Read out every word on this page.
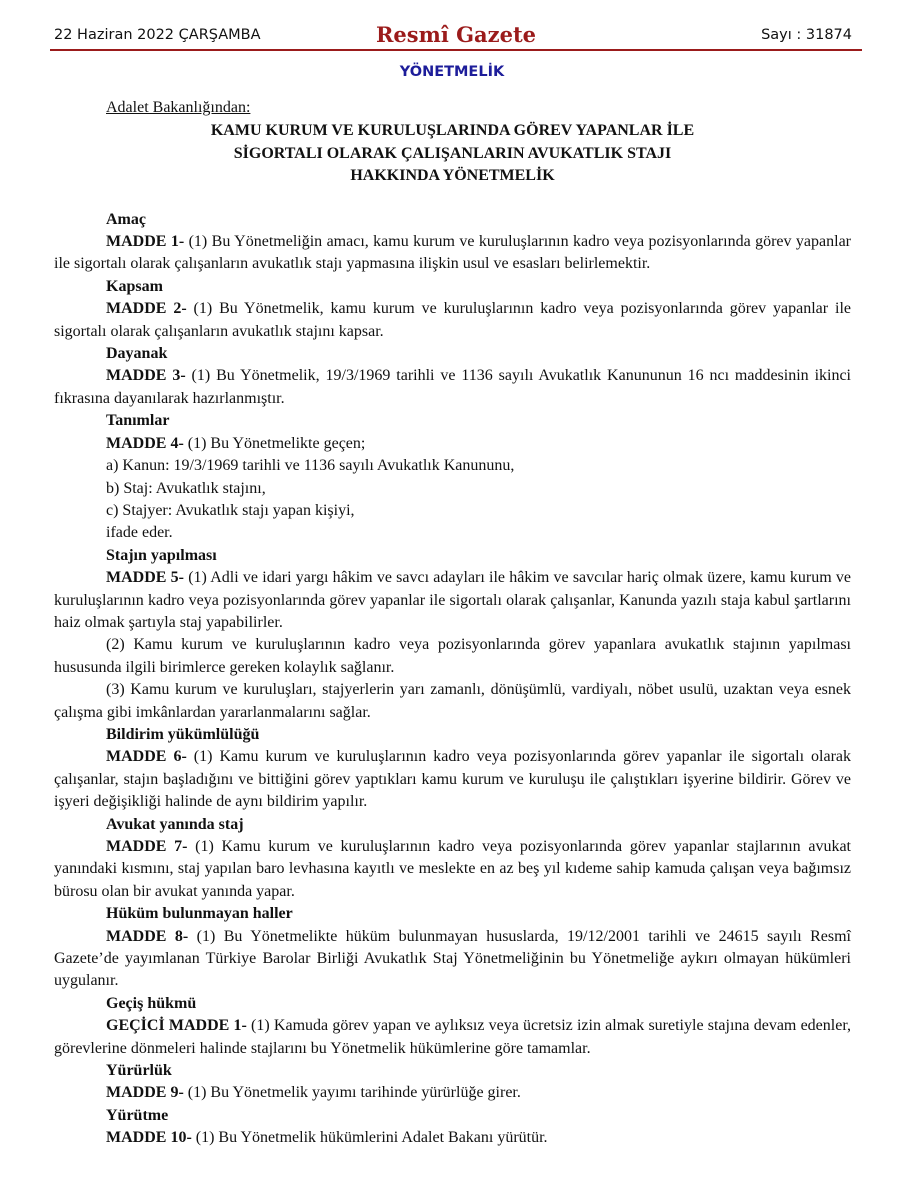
22 Haziran 2022 ÇARŞAMBA	Resmî Gazete	Sayı : 31874
YÖNETMELİK

Adalet Bakanlığından:

KAMU KURUM VE KURULUŞLARINDA GÖREV YAPANLAR İLE
SİGORTALI OLARAK ÇALIŞANLARIN AVUKATLIK STAJI
HAKKINDA YÖNETMELİK

Amaç

MADDE 1- (1) Bu Yönetmeliğin amacı, kamu kurum ve kuruluşlarının kadro veya pozisyonlarında görev yapanlar ile sigortalı olarak çalışanların avukatlık stajı yapmasına ilişkin usul ve esasları belirlemektir.

Kapsam

MADDE 2- (1) Bu Yönetmelik, kamu kurum ve kuruluşlarının kadro veya pozisyonlarında görev yapanlar ile sigortalı olarak çalışanların avukatlık stajını kapsar.

Dayanak

MADDE 3- (1) Bu Yönetmelik, 19/3/1969 tarihli ve 1136 sayılı Avukatlık Kanununun 16 ncı maddesinin ikinci fıkrasına dayanılarak hazırlanmıştır.

Tanımlar

MADDE 4- (1) Bu Yönetmelikte geçen;

a) Kanun: 19/3/1969 tarihli ve 1136 sayılı Avukatlık Kanununu,

b) Staj: Avukatlık stajını,

c) Stajyer: Avukatlık stajı yapan kişiyi,

ifade eder.

Stajın yapılması

MADDE 5- (1) Adli ve idari yargı hâkim ve savcı adayları ile hâkim ve savcılar hariç olmak üzere, kamu kurum ve kuruluşlarının kadro veya pozisyonlarında görev yapanlar ile sigortalı olarak çalışanlar, Kanunda yazılı staja kabul şartlarını haiz olmak şartıyla staj yapabilirler.

(2) Kamu kurum ve kuruluşlarının kadro veya pozisyonlarında görev yapanlara avukatlık stajının yapılması hususunda ilgili birimlerce gereken kolaylık sağlanır.

(3) Kamu kurum ve kuruluşları, stajyerlerin yarı zamanlı, dönüşümlü, vardiyalı, nöbet usulü, uzaktan veya esnek çalışma gibi imkânlardan yararlanmalarını sağlar.

Bildirim yükümlülüğü

MADDE 6- (1) Kamu kurum ve kuruluşlarının kadro veya pozisyonlarında görev yapanlar ile sigortalı olarak çalışanlar, stajın başladığını ve bittiğini görev yaptıkları kamu kurum ve kuruluşu ile çalıştıkları işyerine bildirir. Görev ve işyeri değişikliği halinde de aynı bildirim yapılır.

Avukat yanında staj

MADDE 7- (1) Kamu kurum ve kuruluşlarının kadro veya pozisyonlarında görev yapanlar stajlarının avukat yanındaki kısmını, staj yapılan baro levhasına kayıtlı ve meslekte en az beş yıl kıdeme sahip kamuda çalışan veya bağımsız bürosu olan bir avukat yanında yapar.

Hüküm bulunmayan haller

MADDE 8- (1) Bu Yönetmelikte hüküm bulunmayan hususlarda, 19/12/2001 tarihli ve 24615 sayılı Resmî Gazete’de yayımlanan Türkiye Barolar Birliği Avukatlık Staj Yönetmeliğinin bu Yönetmeliğe aykırı olmayan hükümleri uygulanır.

Geçiş hükmü

GEÇİCİ MADDE 1- (1) Kamuda görev yapan ve aylıksız veya ücretsiz izin almak suretiyle stajına devam edenler, görevlerine dönmeleri halinde stajlarını bu Yönetmelik hükümlerine göre tamamlar.

Yürürlük

MADDE 9- (1) Bu Yönetmelik yayımı tarihinde yürürlüğe girer.

Yürütme

MADDE 10- (1) Bu Yönetmelik hükümlerini Adalet Bakanı yürütür.
